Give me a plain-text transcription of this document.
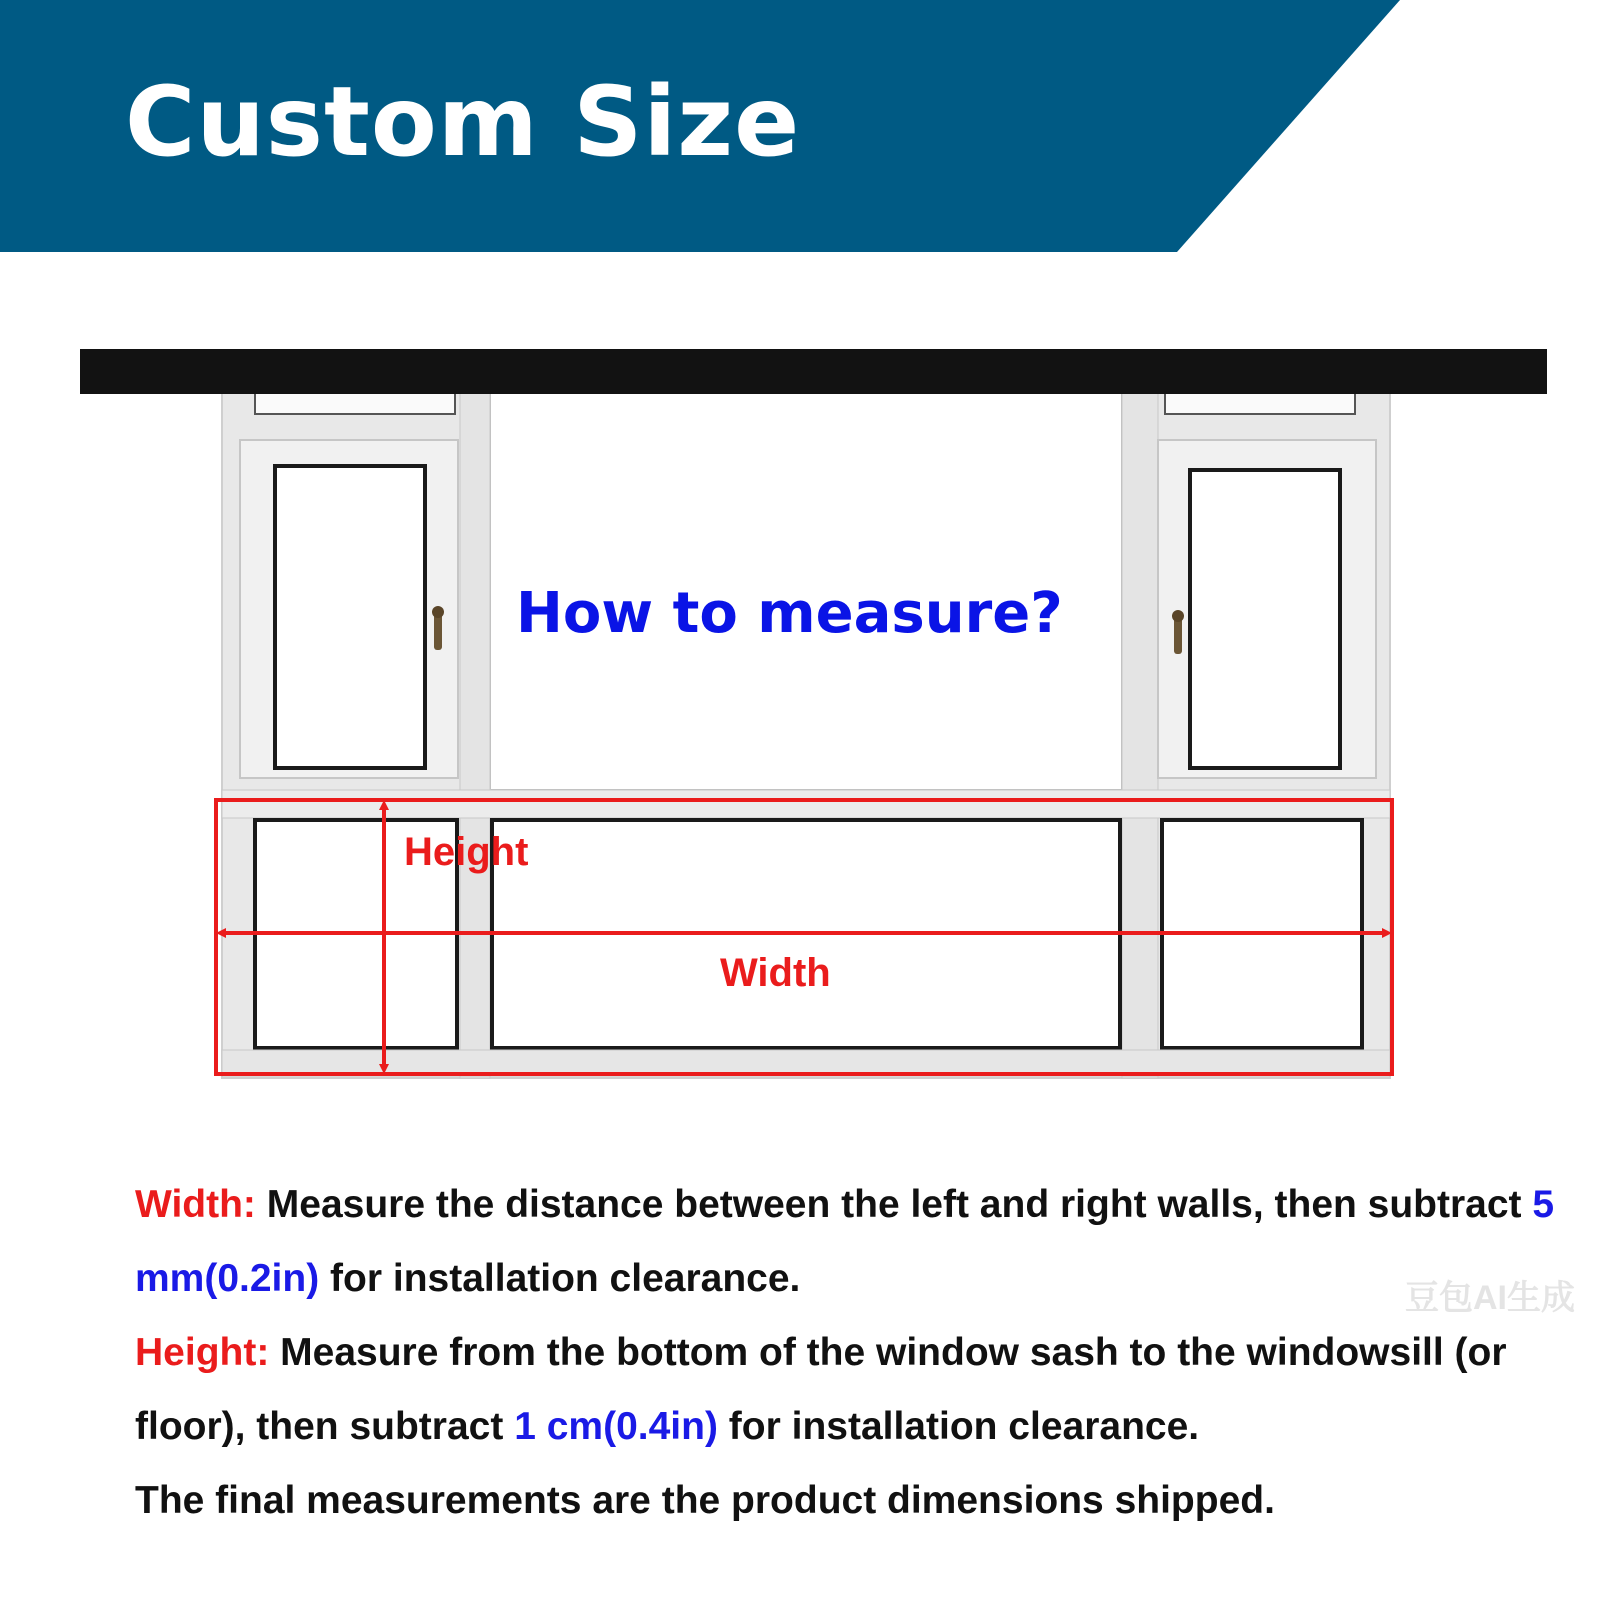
Custom Size
How to measure?
Height
Width
Width: Measure the distance between the left and right walls, then subtract 5 mm(0.2in) for installation clearance.
Height: Measure from the bottom of the window sash to the windowsill (or floor), then subtract 1 cm(0.4in) for installation clearance.
The final measurements are the product dimensions shipped.
豆包AI生成
